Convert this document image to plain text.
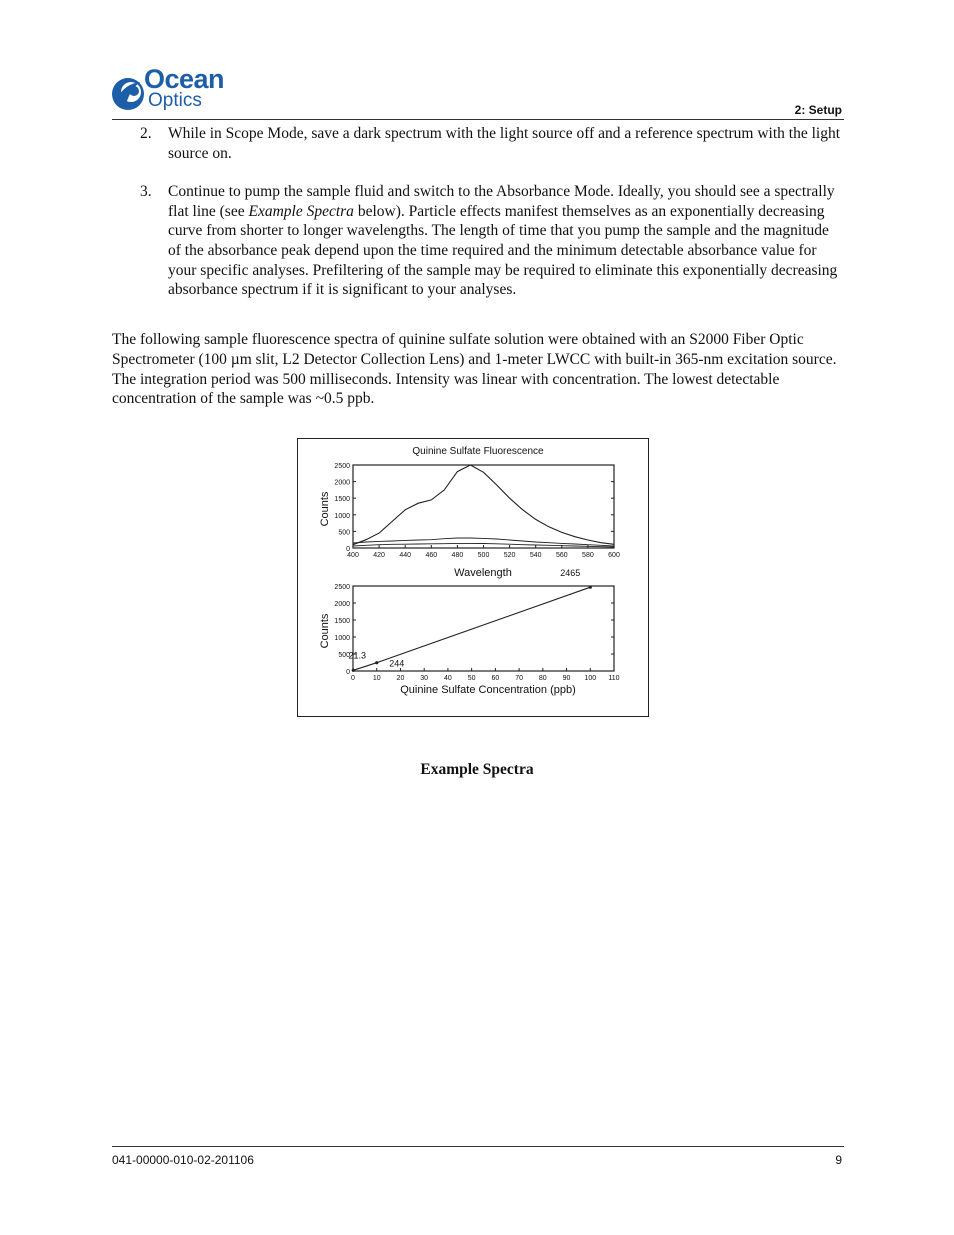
Ocean
Optics	2: Setup
2. While in Scope Mode, save a dark spectrum with the light source off and a reference spectrum with the light source on.
3. Continue to pump the sample fluid and switch to the Absorbance Mode. Ideally, you should see a spectrally flat line (see Example Spectra below). Particle effects manifest themselves as an exponentially decreasing curve from shorter to longer wavelengths. The length of time that you pump the sample and the magnitude of the absorbance peak depend upon the time required and the minimum detectable absorbance value for your specific analyses. Prefiltering of the sample may be required to eliminate this exponentially decreasing absorbance spectrum if it is significant to your analyses.
The following sample fluorescence spectra of quinine sulfate solution were obtained with an S2000 Fiber Optic Spectrometer (100 µm slit, L2 Detector Collection Lens) and 1-meter LWCC with built-in 365-nm excitation source. The integration period was 500 milliseconds. Intensity was linear with concentration. The lowest detectable concentration of the sample was ~0.5 ppb.
Quinine Sulfate Fluorescence
0
500
1000
1500
2000
2500
400 420 440 460 480 500 520 540 560 580 600
Wavelength
Counts
0
500
1000
1500
2000
2500
0	10 20 30 40 50 60 70 80 90 100 110
21.3
244
2465
Quinine Sulfate Concentration (ppb)
Counts
Example Spectra
041-00000-010-02-201106	9
